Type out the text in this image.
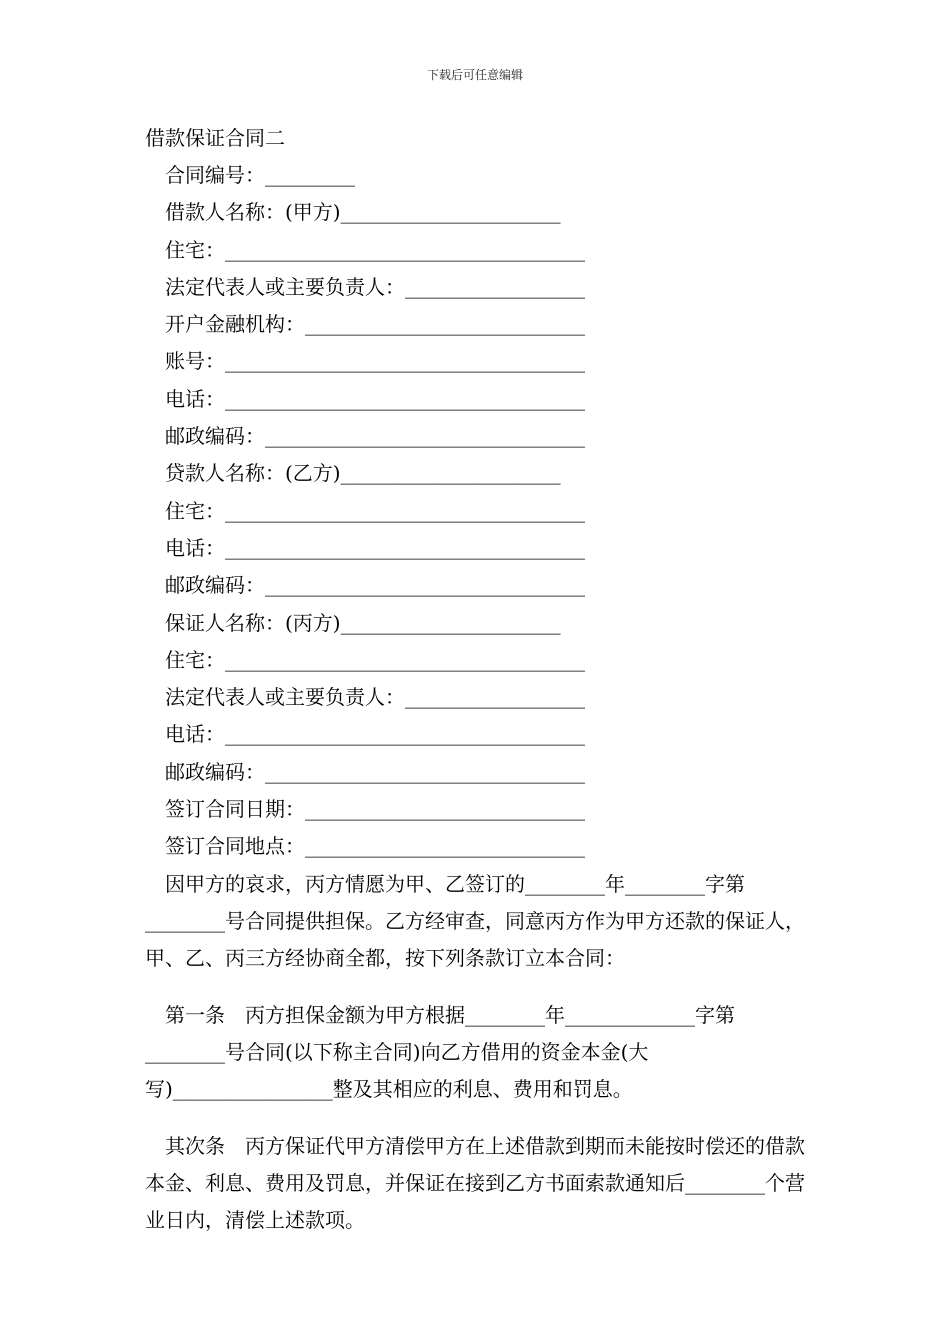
下载后可任意编辑
借款保证合同二
合同编号：_________
借款人名称：(甲方)______________________
住宅：____________________________________
法定代表人或主要负责人：__________________
开户金融机构：____________________________
账号：____________________________________
电话：____________________________________
邮政编码：________________________________
贷款人名称：(乙方)______________________
住宅：____________________________________
电话：____________________________________
邮政编码：________________________________
保证人名称：(丙方)______________________
住宅：____________________________________
法定代表人或主要负责人：__________________
电话：____________________________________
邮政编码：________________________________
签订合同日期：____________________________
签订合同地点：____________________________

因甲方的哀求，丙方情愿为甲、乙签订的________年________字第________号合同提供担保。乙方经审查，同意丙方作为甲方还款的保证人，甲、乙、丙三方经协商全都，按下列条款订立本合同：

第一条　丙方担保金额为甲方根据________年_____________字第________号合同(以下称主合同)向乙方借用的资金本金(大写)________________整及其相应的利息、费用和罚息。

其次条　丙方保证代甲方清偿甲方在上述借款到期而未能按时偿还的借款本金、利息、费用及罚息，并保证在接到乙方书面索款通知后________个营业日内，清偿上述款项。
